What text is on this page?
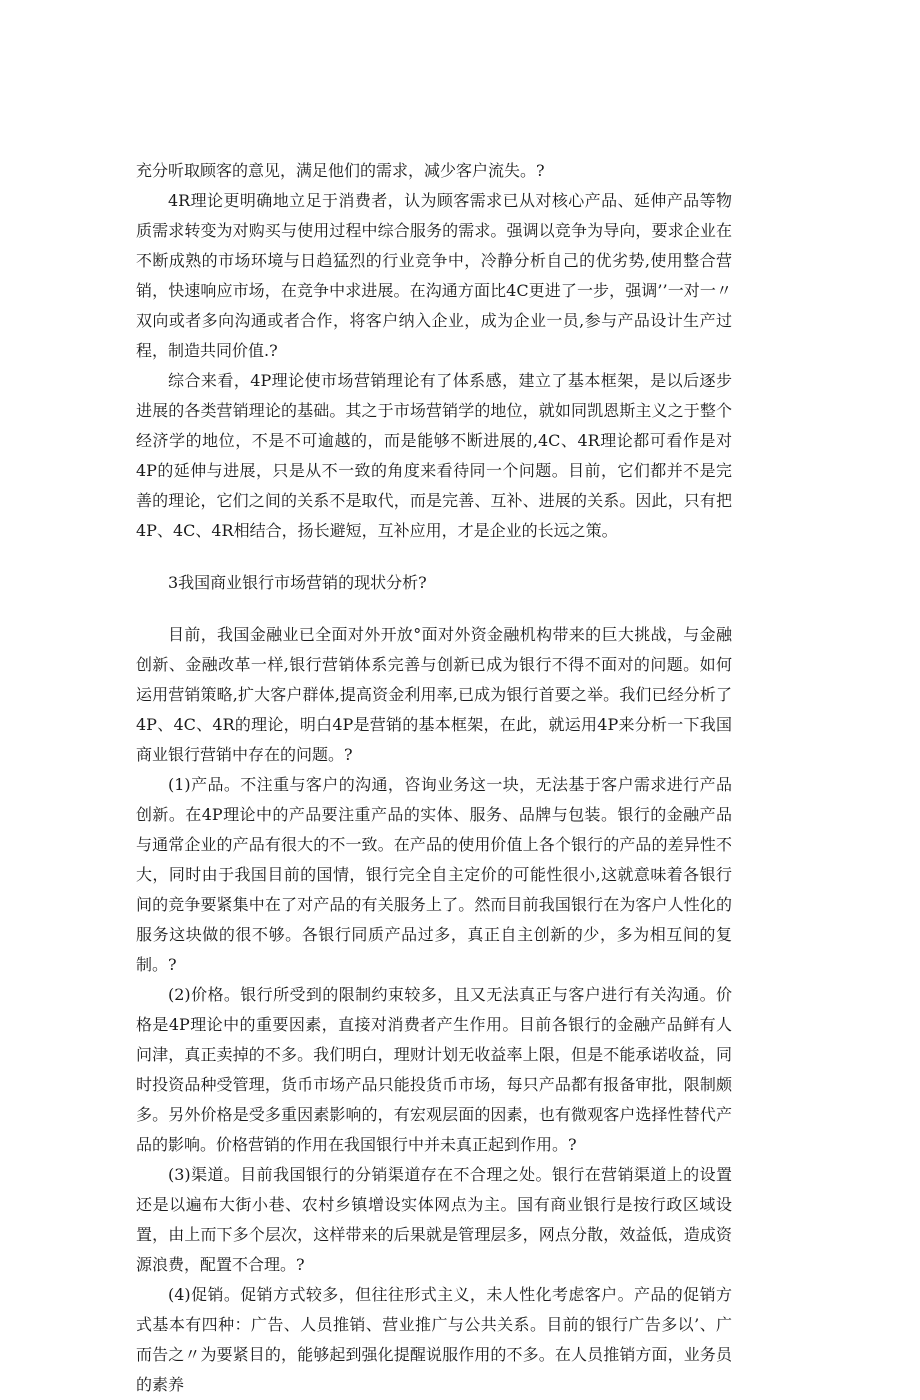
充分听取顾客的意见，满足他们的需求，减少客户流失。?

4R理论更明确地立足于消费者，认为顾客需求已从对核心产品、延伸产品等物质需求转变为对购买与使用过程中综合服务的需求。强调以竞争为导向，要求企业在不断成熟的市场环境与日趋猛烈的行业竞争中，冷静分析自己的优劣势,使用整合营销，快速响应市场，在竞争中求进展。在沟通方面比4C更进了一步，强调’’一对一〃双向或者多向沟通或者合作，将客户纳入企业，成为企业一员,参与产品设计生产过程，制造共同价值.?

综合来看，4P理论使市场营销理论有了体系感，建立了基本框架，是以后逐步进展的各类营销理论的基础。其之于市场营销学的地位，就如同凯恩斯主义之于整个经济学的地位，不是不可逾越的，而是能够不断进展的,4C、4R理论都可看作是对4P的延伸与进展，只是从不一致的角度来看待同一个问题。目前，它们都并不是完善的理论，它们之间的关系不是取代，而是完善、互补、进展的关系。因此，只有把4P、4C、4R相结合，扬长避短，互补应用，才是企业的长远之策。

3我国商业银行市场营销的现状分析?

目前，我国金融业已全面对外开放°面对外资金融机构带来的巨大挑战，与金融创新、金融改革一样,银行营销体系完善与创新已成为银行不得不面对的问题。如何运用营销策略,扩大客户群体,提高资金利用率,已成为银行首要之举。我们已经分析了4P、4C、4R的理论，明白4P是营销的基本框架，在此，就运用4P来分析一下我国商业银行营销中存在的问题。?

(1)产品。不注重与客户的沟通，咨询业务这一块，无法基于客户需求进行产品创新。在4P理论中的产品要注重产品的实体、服务、品牌与包装。银行的金融产品与通常企业的产品有很大的不一致。在产品的使用价值上各个银行的产品的差异性不大，同时由于我国目前的国情，银行完全自主定价的可能性很小,这就意味着各银行间的竞争要紧集中在了对产品的有关服务上了。然而目前我国银行在为客户人性化的服务这块做的很不够。各银行同质产品过多，真正自主创新的少，多为相互间的复制。?

(2)价格。银行所受到的限制约束较多，且又无法真正与客户进行有关沟通。价格是4P理论中的重要因素，直接对消费者产生作用。目前各银行的金融产品鲜有人问津，真正卖掉的不多。我们明白，理财计划无收益率上限，但是不能承诺收益，同时投资品种受管理，货币市场产品只能投货币市场，每只产品都有报备审批，限制颇多。另外价格是受多重因素影响的，有宏观层面的因素，也有微观客户选择性替代产品的影响。价格营销的作用在我国银行中并未真正起到作用。?

(3)渠道。目前我国银行的分销渠道存在不合理之处。银行在营销渠道上的设置还是以遍布大街小巷、农村乡镇增设实体网点为主。国有商业银行是按行政区域设置，由上而下多个层次，这样带来的后果就是管理层多，网点分散，效益低，造成资源浪费，配置不合理。?

(4)促销。促销方式较多，但往往形式主义，未人性化考虑客户。产品的促销方式基本有四种：广告、人员推销、营业推广与公共关系。目前的银行广告多以’、广而告之〃为要紧目的，能够起到强化提醒说服作用的不多。在人员推销方面，业务员的素养
